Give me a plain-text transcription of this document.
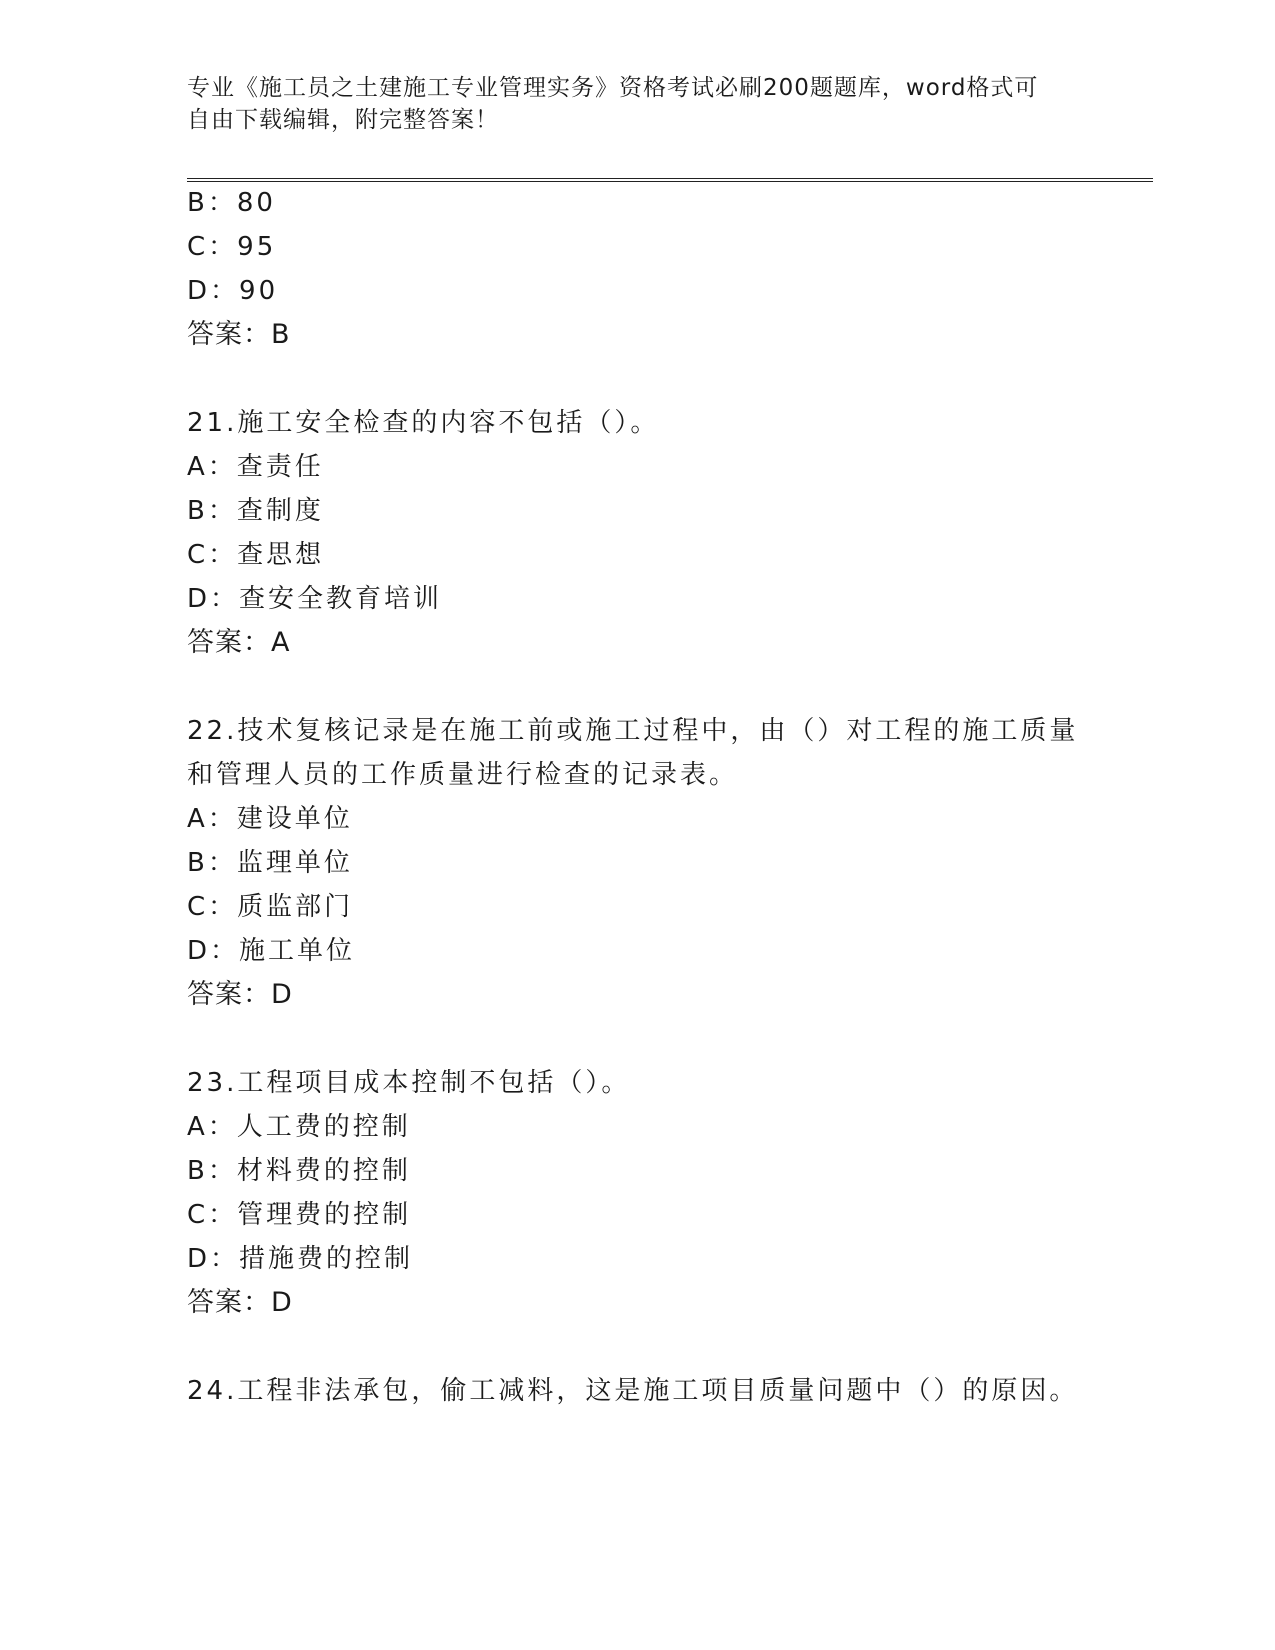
专业《施工员之土建施工专业管理实务》资格考试必刷200题题库，word格式可
自由下载编辑，附完整答案！
B：80
C：95
D：90
答案：B
21.施工安全检查的内容不包括（）。
A：查责任
B：查制度
C：查思想
D：查安全教育培训
答案：A
22.技术复核记录是在施工前或施工过程中，由（）对工程的施工质量
和管理人员的工作质量进行检查的记录表。
A：建设单位
B：监理单位
C：质监部门
D：施工单位
答案：D
23.工程项目成本控制不包括（）。
A：人工费的控制
B：材料费的控制
C：管理费的控制
D：措施费的控制
答案：D
24.工程非法承包，偷工减料，这是施工项目质量问题中（）的原因。
